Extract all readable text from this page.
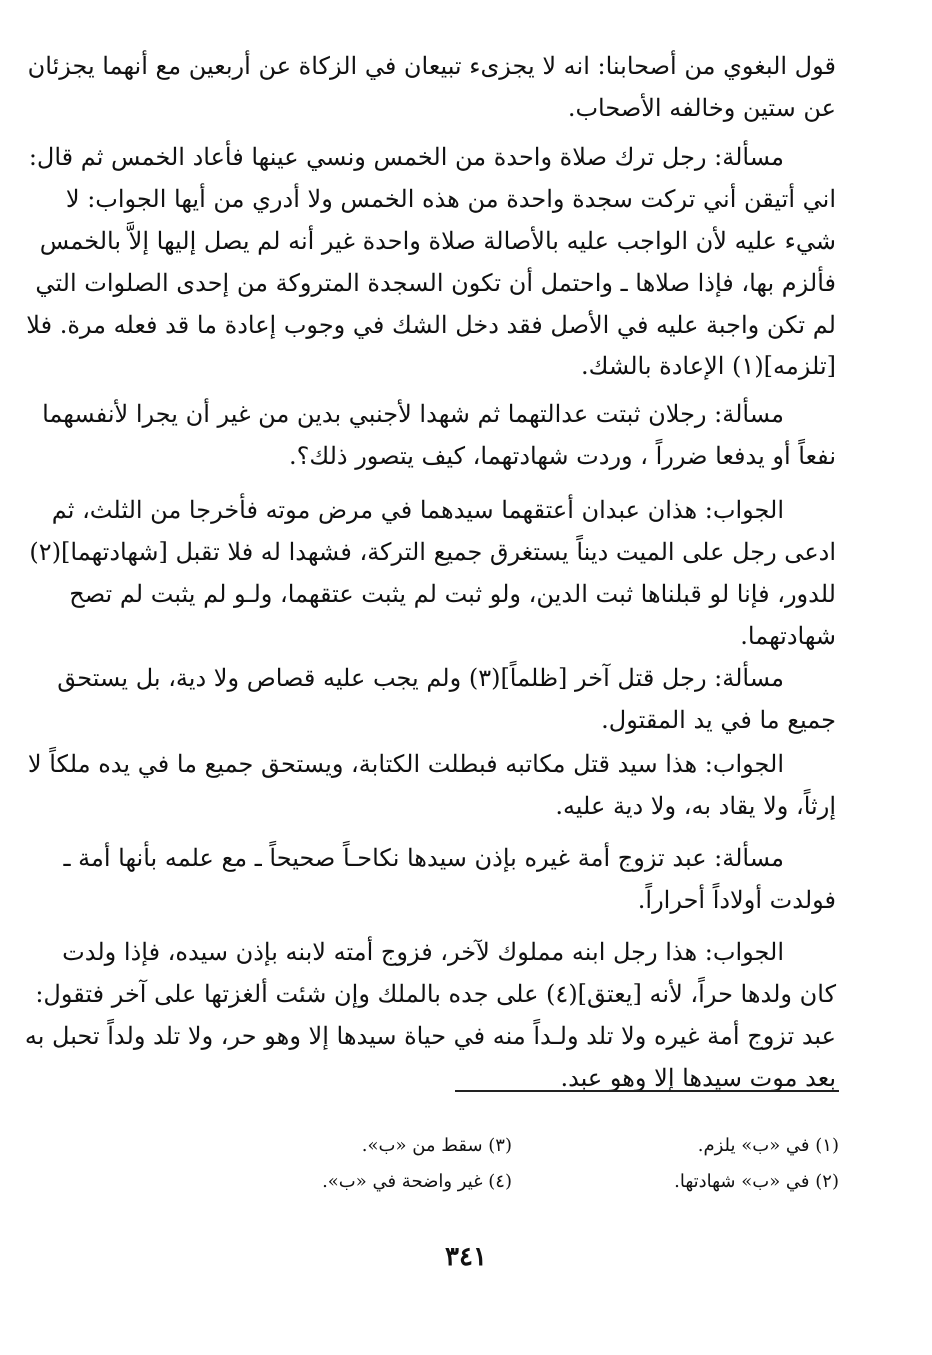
قول البغوي من أصحابنا: انه لا يجزىء تبيعان في الزكاة عن أربعين مع أنهما يجزئان
عن ستين وخالفه الأصحاب.
مسألة: رجل ترك صلاة واحدة من الخمس ونسي عينها فأعاد الخمس ثم قال:
اني أتيقن أني تركت سجدة واحدة من هذه الخمس ولا أدري من أيها الجواب: لا
شيء عليه لأن الواجب عليه بالأصالة صلاة واحدة غير أنه لم يصل إليها إلاَّ بالخمس
فألزم بها، فإذا صلاها ـ واحتمل أن تكون السجدة المتروكة من إحدى الصلوات التي
لم تكن واجبة عليه في الأصل فقد دخل الشك في وجوب إعادة ما قد فعله مرة. فلا
[تلزمه](١) الإعادة بالشك.
مسألة: رجلان ثبتت عدالتهما ثم شهدا لأجنبي بدين من غير أن يجرا لأنفسهما
نفعاً أو يدفعا ضرراً ، وردت شهادتهما، كيف يتصور ذلك؟.
الجواب: هذان عبدان أعتقهما سيدهما في مرض موته فأخرجا من الثلث، ثم
ادعى رجل على الميت ديناً يستغرق جميع التركة، فشهدا له فلا تقبل [شهادتهما](٢)
للدور، فإنا لو قبلناها ثبت الدين، ولو ثبت لم يثبت عتقهما، ولـو لم يثبت لم تصح
شهادتهما.
مسألة: رجل قتل آخر [ظلماً](٣) ولم يجب عليه قصاص ولا دية، بل يستحق
جميع ما في يد المقتول.
الجواب: هذا سيد قتل مكاتبه فبطلت الكتابة، ويستحق جميع ما في يده ملكاً لا
إرثاً، ولا يقاد به، ولا دية عليه.
مسألة: عبد تزوج أمة غيره بإذن سيدها نكاحـاً صحيحاً ـ مع علمه بأنها أمة ـ
فولدت أولاداً أحراراً.
الجواب: هذا رجل ابنه مملوك لآخر، فزوج أمته لابنه بإذن سيده، فإذا ولدت
كان ولدها حراً، لأنه [يعتق](٤) على جده بالملك وإن شئت ألغزتها على آخر فتقول:
عبد تزوج أمة غيره ولا تلد ولـداً منه في حياة سيدها إلا وهو حر، ولا تلد ولداً تحبل به
بعد موت سيدها إلا وهو عبد.
(١) في «ب» يلزم.
(٣) سقط من «ب».
(٢) في «ب» شهادتها.
(٤) غير واضحة في «ب».
٣٤١
